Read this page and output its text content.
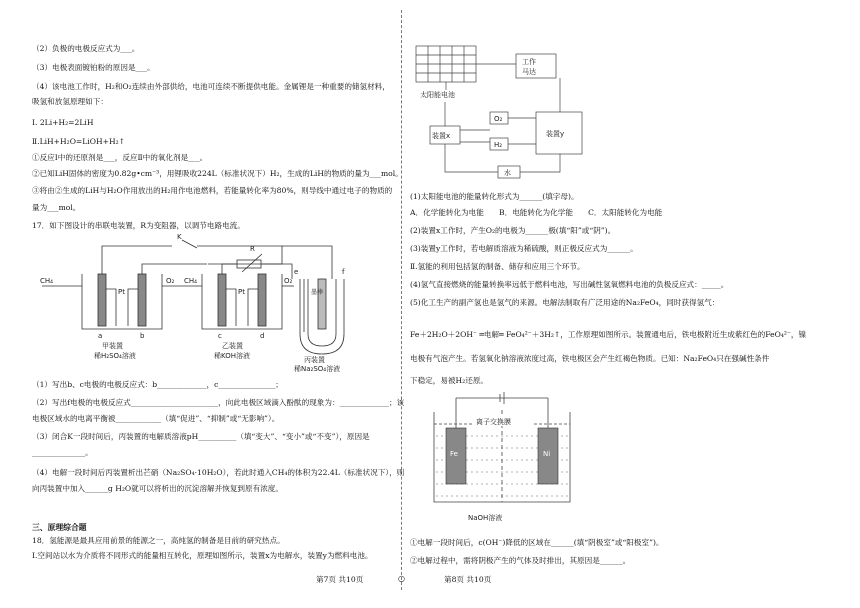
（2）负极的电极反应式为___。
（3）电极表面镀铂粉的原因是___。
（4）该电池工作时，H₂和O₂连续由外部供给，电池可连续不断提供电能。金属锂是一种重要的储氢材料，
吸氢和放氢原理如下：
Ⅰ. 2Li+H₂=2LiH
Ⅱ.LiH+H₂O=LiOH+H₂↑
①反应Ⅰ中的还原剂是___，反应Ⅱ中的氧化剂是___。
②已知LiH固体的密度为0.82g•cm⁻³，用锂吸收224L（标准状况下）H₂，生成的LiH的物质的量为___mol。
③将由②生成的LiH与H₂O作用放出的H₂用作电池燃料，若能量转化率为80%，则导线中通过电子的物质的
量为___mol。
17．如下图设计的串联电装置，R为变阻器，以调节电路电流。
CH₄	O₂ CH₄	O₂
K
R
Pt	Pt
a	b	c	d
e	f
墨棒
甲装置
稀H₂SO₄溶液
乙装置
稀KOH溶液	丙装置
稀Na₂SO₄溶液
（1）写出b、c电极的电极反应式：b_____________，c_______________；
（2）写出f电极的电极反应式_______________________，向此电极区域滴入酚酞的现象为：_____________；该
电极区域水的电离平衡被____________（填“促进”、“抑制”或“无影响”）。
（3）闭合K一段时间后，丙装置的电解质溶液pH__________（填“变大”、“变小”或“不变”），原因是
______________。
（4）电解一段时间后丙装置析出芒硝（Na₂SO₄·10H₂O），若此时通入CH₄的体积为22.4L（标准状况下），则
向丙装置中加入______g H₂O就可以将析出的沉淀溶解并恢复到原有浓度。
三、原理综合题
18．氢能源是最具应用前景的能源之一，高纯氢的制备是目前的研究热点。
Ⅰ.空间站以水为介质将不同形式的能量相互转化，原理如图所示，装置x为电解水，装置y为燃料电池。
工作
马达
太阳能电池
装置x	装置y
O₂
H₂
水
(1)太阳能电池的能量转化形式为______(填字母)。
A．化学能转化为电能　　B．电能转化为化学能　　C．太阳能转化为电能
(2)装置x工作时，产生O₂的电极为______极(填“阳”或“阴”)。
(3)装置y工作时，若电解质溶液为稀硫酸，则正极反应式为______。
Ⅱ.氢能的利用包括氢的制备、储存和应用三个环节。
(4)氢气直接燃烧的能量转换率远低于燃料电池，写出碱性氢氧燃料电池的负极反应式：_____。
(5)化工生产的副产氢也是氢气的来源。电解法制取有广泛用途的Na₂FeO₄，同时获得氢气：
Fe＋2H₂O＋2OH⁻ ═电解═ FeO₄²⁻＋3H₂↑，工作原理如图所示。装置通电后，铁电极附近生成紫红色的FeO₄²⁻，镍
电极有气泡产生。若氢氧化钠溶液浓度过高，铁电极区会产生红褐色物质。已知：Na₂FeO₄只在强碱性条件
下稳定，易被H₂还原。
离子交换膜
Fe	Ni
NaOH溶液
①电解一段时间后，c(OH⁻)降低的区域在______(填“阴极室”或“阳极室”)。
②电解过程中，需将阴极产生的气体及时排出，其原因是______。
第7页 共10页	○	第8页 共10页
